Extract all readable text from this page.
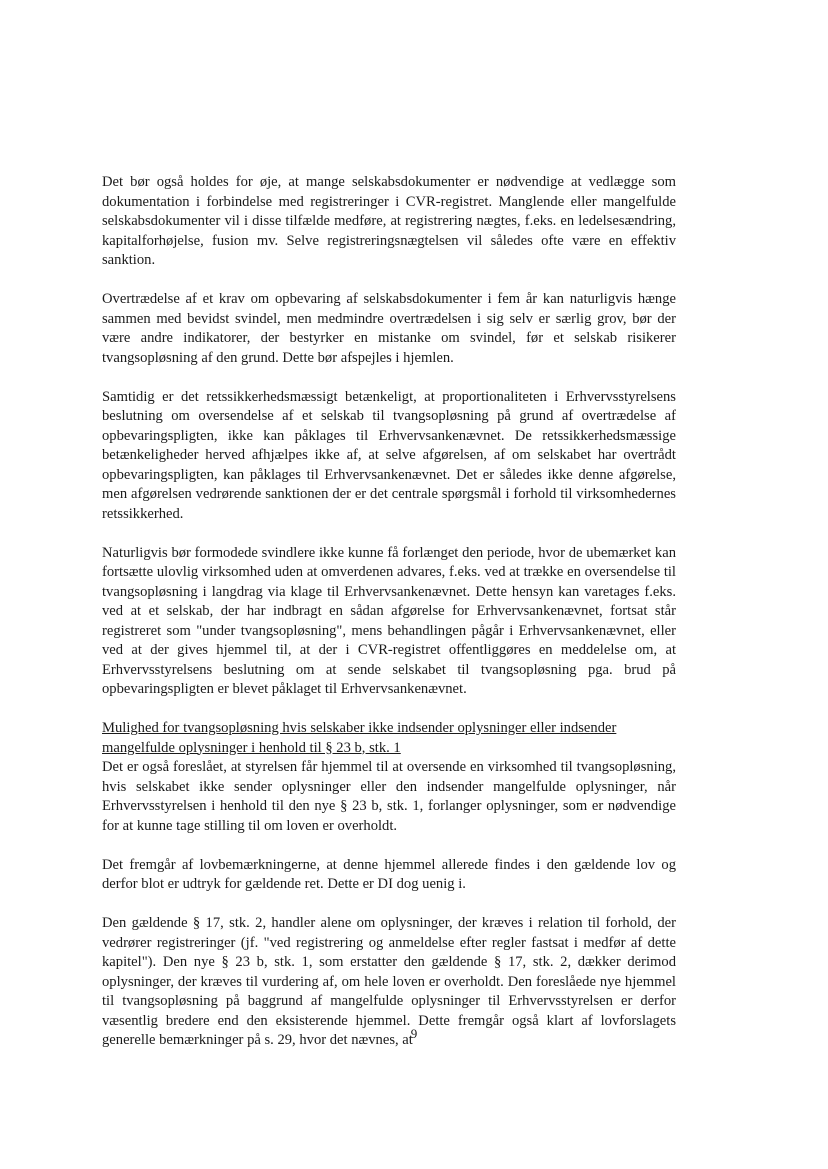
Det bør også holdes for øje, at mange selskabsdokumenter er nødvendige at vedlægge som dokumentation i forbindelse med registreringer i CVR-registret. Manglende eller mangelfulde selskabsdokumenter vil i disse tilfælde medføre, at registrering nægtes, f.eks. en ledelsesændring, kapitalforhøjelse, fusion mv. Selve registreringsnægtelsen vil således ofte være en effektiv sanktion.

Overtrædelse af et krav om opbevaring af selskabsdokumenter i fem år kan naturligvis hænge sammen med bevidst svindel, men medmindre overtrædelsen i sig selv er særlig grov, bør der være andre indikatorer, der bestyrker en mistanke om svindel, før et selskab risikerer tvangsopløsning af den grund. Dette bør afspejles i hjemlen.

Samtidig er det retssikkerhedsmæssigt betænkeligt, at proportionaliteten i Erhvervsstyrelsens beslutning om oversendelse af et selskab til tvangsopløsning på grund af overtrædelse af opbevaringspligten, ikke kan påklages til Erhvervsankenævnet. De retssikkerhedsmæssige betænkeligheder herved afhjælpes ikke af, at selve afgørelsen, af om selskabet har overtrådt opbevaringspligten, kan påklages til Erhvervsankenævnet. Det er således ikke denne afgørelse, men afgørelsen vedrørende sanktionen der er det centrale spørgsmål i forhold til virksomhedernes retssikkerhed.

Naturligvis bør formodede svindlere ikke kunne få forlænget den periode, hvor de ubemærket kan fortsætte ulovlig virksomhed uden at omverdenen advares, f.eks. ved at trække en oversendelse til tvangsopløsning i langdrag via klage til Erhvervsankenævnet. Dette hensyn kan varetages f.eks. ved at et selskab, der har indbragt en sådan afgørelse for Erhvervsankenævnet, fortsat står registreret som "under tvangsopløsning", mens behandlingen pågår i Erhvervsankenævnet, eller ved at der gives hjemmel til, at der i CVR-registret offentliggøres en meddelelse om, at Erhvervsstyrelsens beslutning om at sende selskabet til tvangsopløsning pga. brud på opbevaringspligten er blevet påklaget til Erhvervsankenævnet.

Mulighed for tvangsopløsning hvis selskaber ikke indsender oplysninger eller indsender mangelfulde oplysninger i henhold til § 23 b, stk. 1

Det er også foreslået, at styrelsen får hjemmel til at oversende en virksomhed til tvangsopløsning, hvis selskabet ikke sender oplysninger eller den indsender mangelfulde oplysninger, når Erhvervsstyrelsen i henhold til den nye § 23 b, stk. 1, forlanger oplysninger, som er nødvendige for at kunne tage stilling til om loven er overholdt.

Det fremgår af lovbemærkningerne, at denne hjemmel allerede findes i den gældende lov og derfor blot er udtryk for gældende ret. Dette er DI dog uenig i.

Den gældende § 17, stk. 2, handler alene om oplysninger, der kræves i relation til forhold, der vedrører registreringer (jf. "ved registrering og anmeldelse efter regler fastsat i medfør af dette kapitel"). Den nye § 23 b, stk. 1, som erstatter den gældende § 17, stk. 2, dækker derimod oplysninger, der kræves til vurdering af, om hele loven er overholdt. Den foreslåede nye hjemmel til tvangsopløsning på baggrund af mangelfulde oplysninger til Erhvervsstyrelsen er derfor væsentlig bredere end den eksisterende hjemmel. Dette fremgår også klart af lovforslagets generelle bemærkninger på s. 29, hvor det nævnes, at

9
